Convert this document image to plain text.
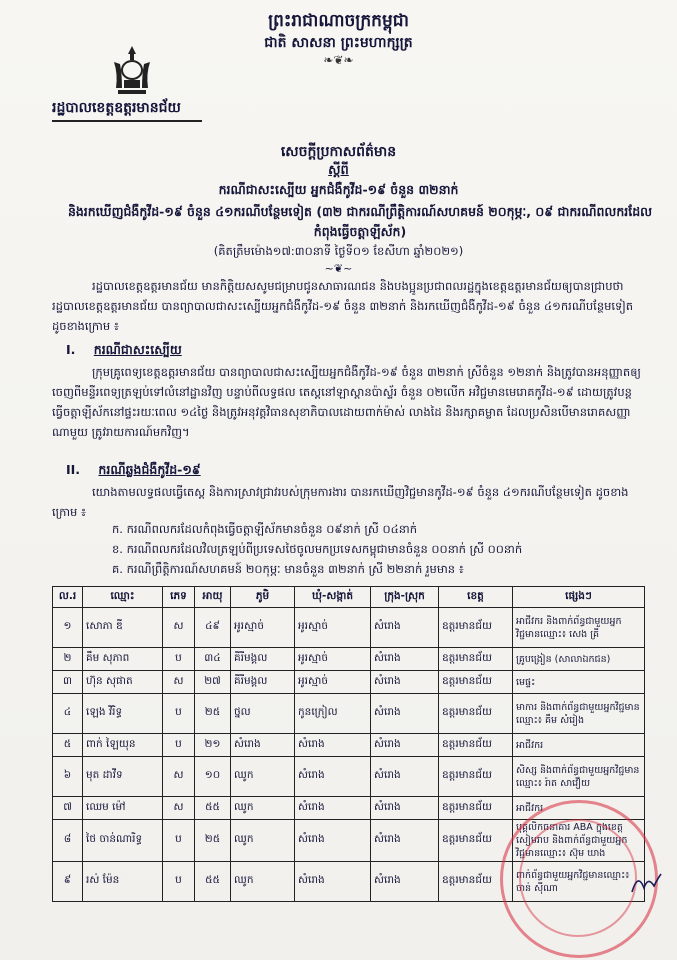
ព្រះរាជាណាចក្រកម្ពុជា
ជាតិ សាសនា ព្រះមហាក្សត្រ
❧❦❧
រដ្ឋបាលខេត្តឧត្តរមានជ័យ
សេចក្តីប្រកាសព័ត៌មាន
ស្តីពី
ករណីជាសះស្បើយ អ្នកជំងឺកូវីដ-១៩ ចំនួន ៣២នាក់
និងរកឃើញជំងឺកូវីដ-១៩ ចំនួន ៤១ករណីបន្ថែមទៀត (៣២ ជាករណីព្រឹត្តិការណ៍សហគមន៍ ២០កុម្ភៈ, ០៩ ជាករណីពលករដែលកំពុងធ្វើចត្តាឡីស័ក)
(គិតត្រឹមម៉ោង១៧:៣០នាទី ថ្ងៃទី០១ ខែសីហា ឆ្នាំ២០២១)
~❦~
រដ្ឋបាលខេត្តឧត្តរមានជ័យ មានកិត្តិយសសូមជម្រាបជូនសាធារណជន និងបងប្អូនប្រជាពលរដ្ឋក្នុងខេត្តឧត្តរមានជ័យឲ្យបានជ្រាបថា រដ្ឋបាលខេត្តឧត្តរមានជ័យ បានព្យាបាលជាសះស្បើយអ្នកជំងឺកូវីដ-១៩ ចំនួន ៣២នាក់ និងរកឃើញជំងឺកូវីដ-១៩ ចំនួន ៤១ករណីបន្ថែមទៀត ដូចខាងក្រោម ៖
I. ករណីជាសះស្បើយ
ក្រុមគ្រូពេទ្យខេត្តឧត្តរមានជ័យ បានព្យាបាលជាសះស្បើយអ្នកជំងឺកូវីដ-១៩ ចំនួន ៣២នាក់ ស្រីចំនួន ១២នាក់ និងត្រូវបានអនុញ្ញាតឲ្យចេញពីមន្ទីរពេទ្យត្រឡប់ទៅលំនៅដ្ឋានវិញ បន្ទាប់ពីលទ្ធផល តេស្តនៅឡាស្តានប៉ាស្ទ័រ ចំនួន ០២លើក អវិជ្ជមានមេរោគកូវីដ-១៩ ដោយត្រូវបន្តធ្វើចត្តាឡីស័កនៅផ្ទះរយៈពេល ១៤ថ្ងៃ និងត្រូវអនុវត្តវិធានសុខាភិបាលដោយពាក់ម៉ាស់ លាងដៃ និងរក្សាគម្លាត ដែលប្រសិនបើមានរោគសញ្ញាណាមួយ ត្រូវរាយការណ៍មកវិញ។
II. ករណីឆ្លងជំងឺកូវីដ-១៩
យោងតាមលទ្ធផលធ្វើតេស្ត និងការស្រាវជ្រាវរបស់ក្រុមការងារ បានរកឃើញវិជ្ជមានកូវីដ-១៩ ចំនួន ៤១ករណីបន្ថែមទៀត ដូចខាងក្រោម ៖
ក. ករណីពលករដែលកំពុងធ្វើចត្តាឡីស័កមានចំនួន ០៩នាក់ ស្រី ០៤នាក់
ខ. ករណីពលករដែលវិលត្រឡប់ពីប្រទេសថៃចូលមកប្រទេសកម្ពុជាមានចំនួន ០០នាក់ ស្រី ០០នាក់
គ. ករណីព្រឹត្តិការណ៍សហគមន៍ ២០កុម្ភៈ មានចំនួន ៣២នាក់ ស្រី ២២នាក់ រួមមាន ៖
ល.រ	ឈ្មោះ	ភេទ	អាយុ	ភូមិ	ឃុំ-សង្កាត់	ក្រុង-ស្រុក	ខេត្ត	ផ្សេងៗ
១	សោភា ឌី	ស	៤៩	អូរស្មាច់	អូរស្មាច់	សំរោង	ឧត្តរមានជ័យ	អាជីវករ និងពាក់ព័ន្ធជាមួយអ្នកវិជ្ជមានឈ្មោះ៖ សេង គ្រី
២	គឹម សុភាព	ប	៣៤	គីរីមង្គល	អូរស្មាច់	សំរោង	ឧត្តរមានជ័យ	គ្រូបង្រៀន (សាលាឯកជន)
៣	ហ៊ុន សុផាត	ស	២៧	គីរីមង្គល	អូរស្មាច់	សំរោង	ឧត្តរមានជ័យ	មេផ្ទះ
៤	ឡេង វិរិទ្ធ	ប	២៥	ថ្នល	កូនក្រៀល	សំរោង	ឧត្តរមានជ័យ	មាការ និងពាក់ព័ន្ធជាមួយអ្នកវិជ្ជមានឈ្មោះ៖ គឹម សំរៀង
៥	ពាក់ ឡៃយុន	ប	២១	សំរោង	សំរោង	សំរោង	ឧត្តរមានជ័យ	អាជីវករ
៦	មុត ដាវីទ	ស	១០	ឈូក	សំរោង	សំរោង	ឧត្តរមានជ័យ	សិស្ស និងពាក់ព័ន្ធជាមួយអ្នកវិជ្ជមានឈ្មោះ៖ រ៉ាត សាវឿយ
៧	ឈេម ម៉ៅ	ស	៥៥	ឈូក	សំរោង	សំរោង	ឧត្តរមានជ័យ	អាជីវករ
៨	ថៃ ចាន់ណារិទ្ធ	ប	២៥	ឈូក	សំរោង	សំរោង	ឧត្តរមានជ័យ	បុគ្គលិកធនាគារ ABA ក្នុងខេត្តសៀមរាប និងពាក់ព័ន្ធជាមួយអ្នកវិជ្ជមានឈ្មោះ៖ ស៊ុម ឃាង
៩	រស់ ម៉ែន	ប	៥៥	ឈូក	សំរោង	សំរោង	ឧត្តរមានជ័យ	ពាក់ព័ន្ធជាមួយអ្នកវិជ្ជមានឈ្មោះ៖ ចាន់ ស៊ីណា
